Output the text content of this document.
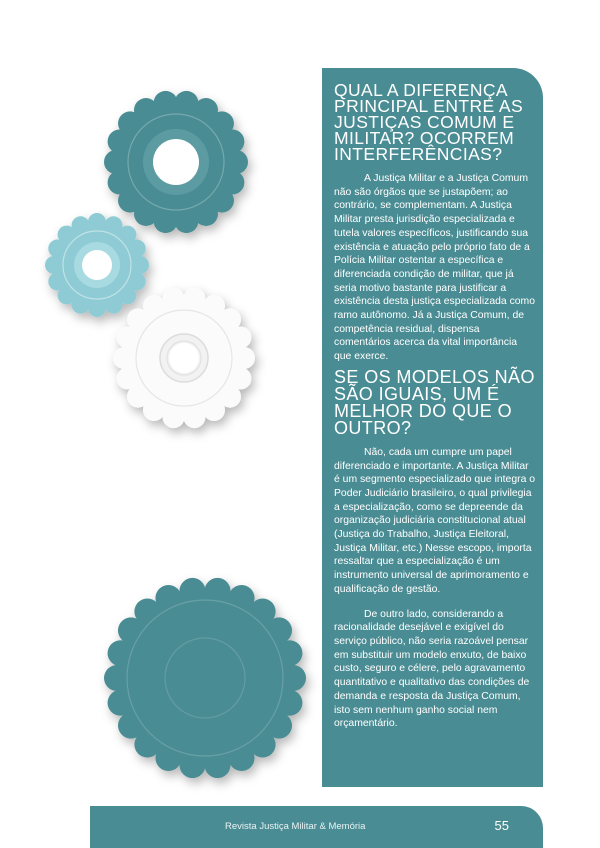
QUAL A DIFERENÇA PRINCIPAL ENTRE AS JUSTIÇAS COMUM E MILITAR? OCORREM INTERFERÊNCIAS?

A Justiça Militar e a Justiça Comum não são órgãos que se justapõem; ao contrário, se complementam. A Justiça Militar presta jurisdição especializada e tutela valores específicos, justificando sua existência e atuação pelo próprio fato de a Polícia Militar ostentar a específica e diferenciada condição de militar, que já seria motivo bastante para justificar a existência desta justiça especializada como ramo autônomo. Já a Justiça Comum, de competência residual, dispensa comentários acerca da vital importância que exerce.

SE OS MODELOS NÃO SÃO IGUAIS, UM É MELHOR DO QUE O OUTRO?

Não, cada um cumpre um papel diferenciado e importante. A Justiça Militar é um segmento especializado que integra o Poder Judiciário brasileiro, o qual privilegia a especialização, como se depreende da organização judiciária constitucional atual (Justiça do Trabalho, Justiça Eleitoral, Justiça Militar, etc.) Nesse escopo, importa ressaltar que a especialização é um instrumento universal de aprimoramento e qualificação de gestão.

De outro lado, considerando a racionalidade desejável e exigível do serviço público, não seria razoável pensar em substituir um modelo enxuto, de baixo custo, seguro e célere, pelo agravamento quantitativo e qualitativo das condições de demanda e resposta da Justiça Comum, isto sem nenhum ganho social nem orçamentário.

Revista Justiça Militar & Memória	55
